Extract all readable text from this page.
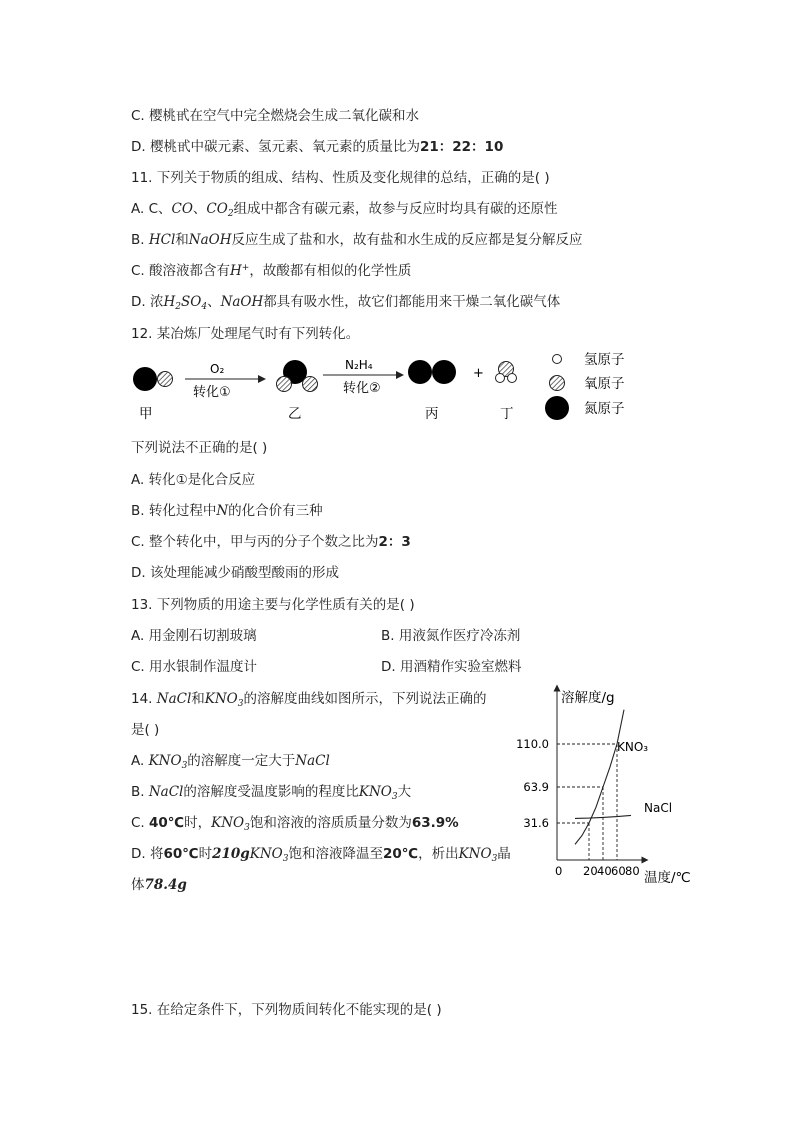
C. 樱桃甙在空气中完全燃烧会生成二氧化碳和水
D. 樱桃甙中碳元素、氢元素、氧元素的质量比为21：22：10
11. 下列关于物质的组成、结构、性质及变化规律的总结，正确的是( )
A. C、CO、$CO_2$组成中都含有碳元素，故参与反应时均具有碳的还原性
B. HCl和NaOH反应生成了盐和水，故有盐和水生成的反应都是复分解反应
C. 酸溶液都含有H+，故酸都有相似的化学性质
D. 浓$H_2SO_4$、NaOH都具有吸水性，故它们都能用来干燥二氧化碳气体
12. 某冶炼厂处理尾气时有下列转化。
O₂
转化①
N₂H₄
转化②
+
甲	乙	丙	丁
氢原子
氧原子
氮原子
下列说法不正确的是( )
A. 转化①是化合反应
B. 转化过程中N的化合价有三种
C. 整个转化中，甲与丙的分子个数之比为2：3
D. 该处理能减少硝酸型酸雨的形成
13. 下列物质的用途主要与化学性质有关的是( )
A. 用金刚石切割玻璃	B. 用液氮作医疗冷冻剂
C. 用水银制作温度计	D. 用酒精作实验室燃料
14. NaCl和$KNO_3$的溶解度曲线如图所示，下列说法正确的
是( )
A. $KNO_3$的溶解度一定大于NaCl
B. NaCl的溶解度受温度影响的程度比$KNO_3$大
C. 40℃时，$KNO_3$饱和溶液的溶质质量分数为63.9%
D. 将60℃时210gKNO$_3$饱和溶液降温至20℃，析出$KNO_3$晶
体78.4g
溶解度/g
温度/℃
0 20 40 60 80
31.6
63.9
110.0	KNO₃
NaCl
15. 在给定条件下，下列物质间转化不能实现的是( )
